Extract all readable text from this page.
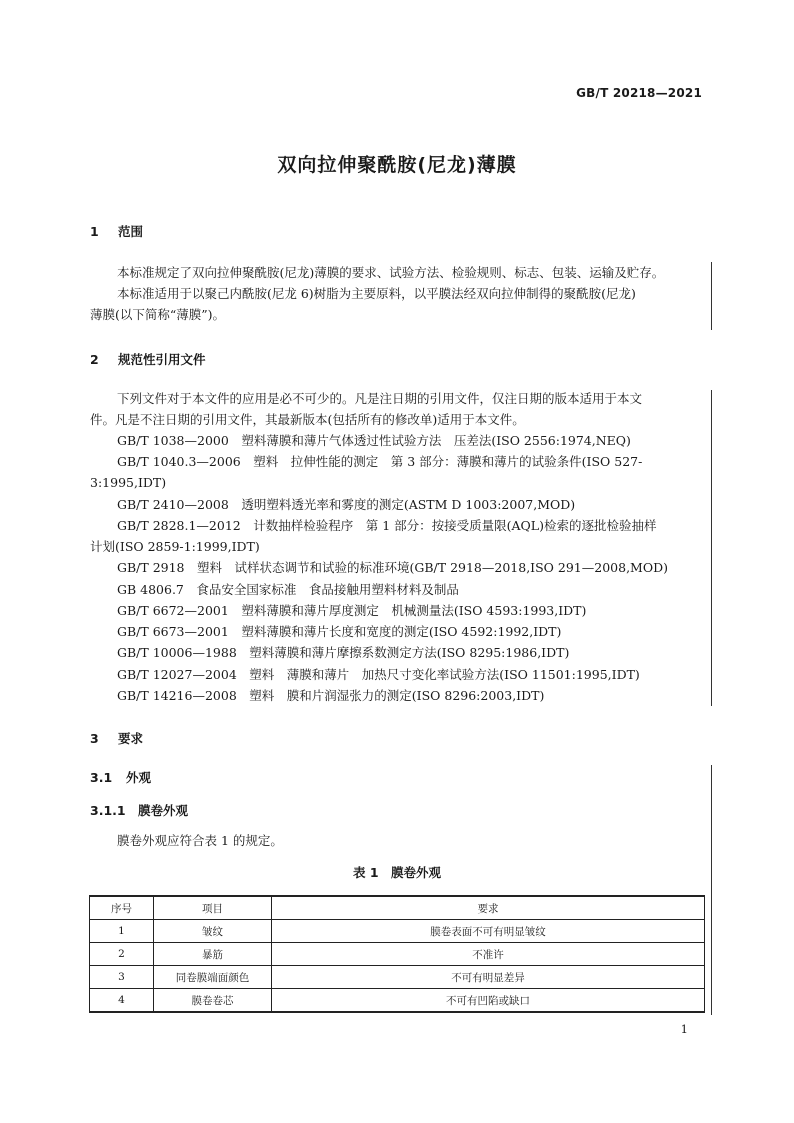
GB/T 20218—2021
双向拉伸聚酰胺(尼龙)薄膜
1 范围
本标准规定了双向拉伸聚酰胺(尼龙)薄膜的要求、试验方法、检验规则、标志、包装、运输及贮存。
本标准适用于以聚己内酰胺(尼龙 6)树脂为主要原料，以平膜法经双向拉伸制得的聚酰胺(尼龙)
薄膜(以下简称“薄膜”)。
2 规范性引用文件
下列文件对于本文件的应用是必不可少的。凡是注日期的引用文件，仅注日期的版本适用于本文
件。凡是不注日期的引用文件，其最新版本(包括所有的修改单)适用于本文件。
GB/T 1038—2000　塑料薄膜和薄片气体透过性试验方法　压差法(ISO 2556:1974,NEQ)
GB/T 1040.3—2006　塑料　拉伸性能的测定　第 3 部分：薄膜和薄片的试验条件(ISO 527-
3:1995,IDT)
GB/T 2410—2008　透明塑料透光率和雾度的测定(ASTM D 1003:2007,MOD)
GB/T 2828.1—2012　计数抽样检验程序　第 1 部分：按接受质量限(AQL)检索的逐批检验抽样
计划(ISO 2859-1:1999,IDT)
GB/T 2918　塑料　试样状态调节和试验的标准环境(GB/T 2918—2018,ISO 291—2008,MOD)
GB 4806.7　食品安全国家标准　食品接触用塑料材料及制品
GB/T 6672—2001　塑料薄膜和薄片厚度测定　机械测量法(ISO 4593:1993,IDT)
GB/T 6673—2001　塑料薄膜和薄片长度和宽度的测定(ISO 4592:1992,IDT)
GB/T 10006—1988　塑料薄膜和薄片摩擦系数测定方法(ISO 8295:1986,IDT)
GB/T 12027—2004　塑料　薄膜和薄片　加热尺寸变化率试验方法(ISO 11501:1995,IDT)
GB/T 14216—2008　塑料　膜和片润湿张力的测定(ISO 8296:2003,IDT)
3 要求
3.1 外观
3.1.1 膜卷外观
膜卷外观应符合表 1 的规定。
表 1　膜卷外观
序号	项目	要求
1	皱纹	膜卷表面不可有明显皱纹
2	暴筋	不准许
3	同卷膜端面颜色	不可有明显差异
4	膜卷卷芯	不可有凹陷或缺口
1
